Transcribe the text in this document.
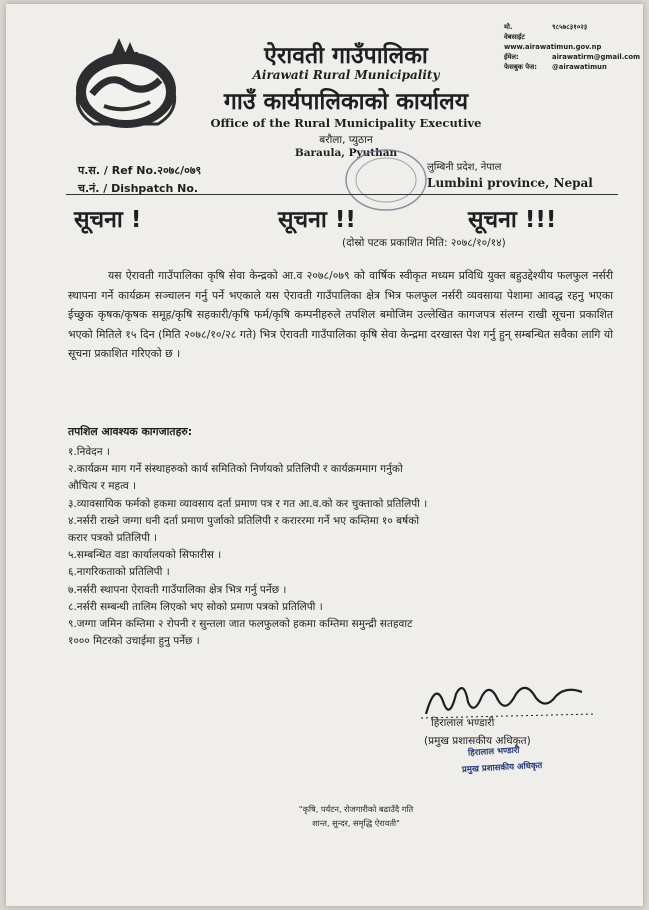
ऐरावती गाउँपालिका
Airawati Rural Municipality
गाउँ कार्यपालिकाको कार्यालय
Office of the Rural Municipality Executive
बरौला, प्युठान
Baraula, Pyuthan
मो.	९८५७८३१०२३
वेबसाईटwww.airawatimun.gov.np
ईमेल:	airawatirm@gmail.com
फेसबुक पेज: @airawatimun
प.स. / Ref No.२०७८/०७९
च.नं. / Dishpatch No.
लुम्बिनी प्रदेश, नेपाल
Lumbini province, Nepal
सूचना !	सूचना !!	सूचना !!!
(दोस्रो पटक प्रकाशित मिति: २०७८/१०/१४)
यस ऐरावती गाउँपालिका कृषि सेवा केन्द्रको आ.व २०७८/०७९ को वार्षिक स्वीकृत मध्यम प्रविधि युक्त बहुउद्देश्यीय फलफुल नर्सरी स्थापना गर्ने कार्यक्रम सञ्चालन गर्नु पर्ने भएकाले यस ऐरावती गाउँपालिका क्षेत्र भित्र फलफुल नर्सरी व्यवसाया पेशामा आवद्ध रहनु भएका ईच्छुक कृषक/कृषक समूह/कृषि सहकारी/कृषि फर्म/कृषि कम्पनीहरुले तपशिल बमोजिम उल्लेखित कागजपत्र संलग्न राखी सूचना प्रकाशित भएको मितिले १५ दिन (मिति २०७८/१०/२८ गते) भित्र ऐरावती गाउँपालिका कृषि सेवा केन्द्रमा दरखास्त पेश गर्नु हुन् सम्बन्धित सवैका लागि यो सूचना प्रकाशित गरिएको छ ।
तपशिल आवश्यक कागजातहरु:
१.निवेदन ।
२.कार्यक्रम माग गर्ने संस्थाहरुको कार्य समितिको निर्णयको प्रतिलिपी र कार्यक्रममाग गर्नुको
औचित्य र महत्व ।
३.व्यावसायिक फर्मको हकमा व्यावसाय दर्ता प्रमाण पत्र र गत आ.व.को कर चुक्ताको प्रतिलिपी ।
४.नर्सरी राख्ने जग्गा धनी दर्ता प्रमाण पुर्जाको प्रतिलिपी र कराररमा गर्ने भए कम्तिमा १० बर्षको
करार पत्रको प्रतिलिपी ।
५.सम्बन्धित वडा कार्यालयको सिफारीस ।
६.नागरिकताको प्रतिलिपी ।
७.नर्सरी स्थापना ऐरावती गाउँपालिका क्षेत्र भित्र गर्नु पर्नेछ ।
८.नर्सरी सम्बन्धी तालिम लिएको भए सोको प्रमाण पत्रको प्रतिलिपी ।
९.जग्गा जमिन कम्तिमा २ रोपनी र सुन्तला जात फलफुलको हकमा कम्तिमा समुन्द्री सतहवाट
१००० मिटरको उचाईमा हुनु पर्नेछ ।
हिरालाल भण्डारी
(प्रमुख प्रशासकीय अधिकृत)
हिरालाल भण्डारी
प्रमुख प्रशासकीय अधिकृत
"कृषि, पर्यटन, रोजगारीको बढाउँदै गति
शान्त, सुन्दर, समृद्धि ऐरावती"
